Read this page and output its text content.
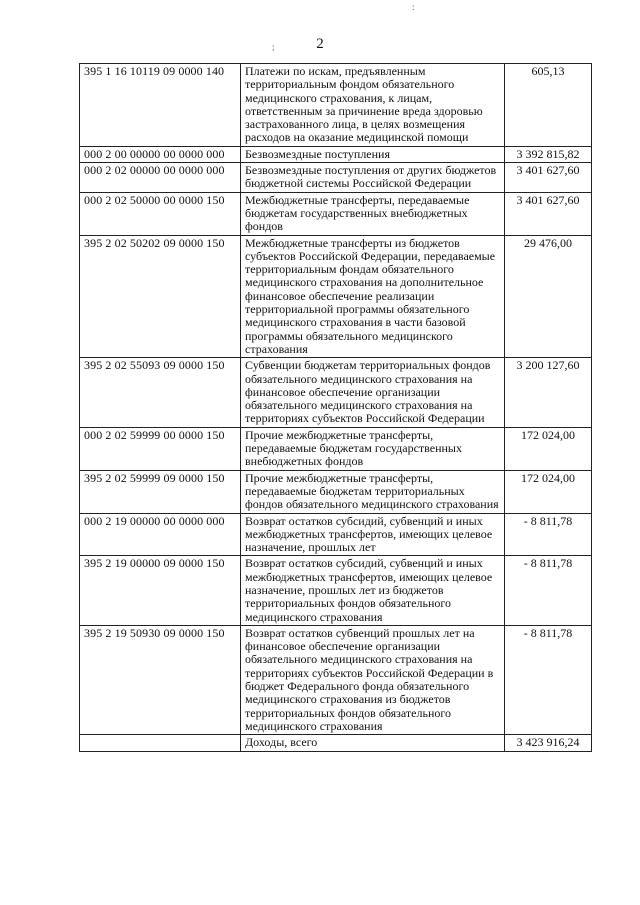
:
2
;
395 1 16 10119 09 0000 140	Платежи по искам, предъявленным территориальным фондом обязательного медицинского страхования, к лицам, ответственным за причинение вреда здоровью застрахованного лица, в целях возмещения расходов на оказание медицинской помощи	605,13
000 2 00 00000 00 0000 000	Безвозмездные поступления	3 392 815,82
000 2 02 00000 00 0000 000	Безвозмездные поступления от других бюджетов бюджетной системы Российской Федерации	3 401 627,60
000 2 02 50000 00 0000 150	Межбюджетные трансферты, передаваемые бюджетам государственных внебюджетных фондов	3 401 627,60
395 2 02 50202 09 0000 150	Межбюджетные трансферты из бюджетов субъектов Российской Федерации, передаваемые территориальным фондам обязательного медицинского страхования на дополнительное финансовое обеспечение реализации территориальной программы обязательного медицинского страхования в части базовой программы обязательного медицинского страхования	29 476,00
395 2 02 55093 09 0000 150	Субвенции бюджетам территориальных фондов обязательного медицинского страхования на финансовое обеспечение организации обязательного медицинского страхования на территориях субъектов Российской Федерации	3 200 127,60
000 2 02 59999 00 0000 150	Прочие межбюджетные трансферты, передаваемые бюджетам государственных внебюджетных фондов	172 024,00
395 2 02 59999 09 0000 150	Прочие межбюджетные трансферты, передаваемые бюджетам территориальных фондов обязательного медицинского страхования	172 024,00
000 2 19 00000 00 0000 000	Возврат остатков субсидий, субвенций и иных межбюджетных трансфертов, имеющих целевое назначение, прошлых лет	- 8 811,78
395 2 19 00000 09 0000 150	Возврат остатков субсидий, субвенций и иных межбюджетных трансфертов, имеющих целевое назначение, прошлых лет из бюджетов территориальных фондов обязательного медицинского страхования	- 8 811,78
395 2 19 50930 09 0000 150	Возврат остатков субвенций прошлых лет на финансовое обеспечение организации обязательного медицинского страхования на территориях субъектов Российской Федерации в бюджет Федерального фонда обязательного медицинского страхования из бюджетов территориальных фондов обязательного медицинского страхования	- 8 811,78
	Доходы, всего	3 423 916,24
